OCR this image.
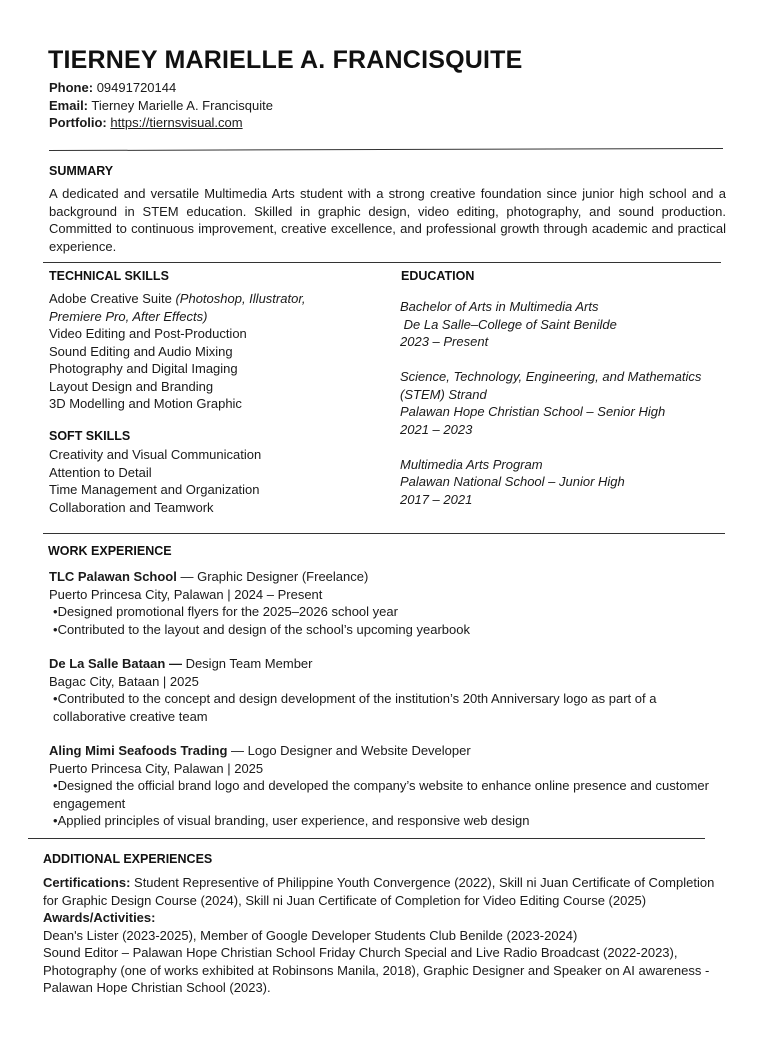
TIERNEY MARIELLE A. FRANCISQUITE
Phone: 09491720144
Email: Tierney Marielle A. Francisquite
Portfolio: https://tiernsvisual.com
SUMMARY
A dedicated and versatile Multimedia Arts student with a strong creative foundation since junior high school and a background in STEM education. Skilled in graphic design, video editing, photography, and sound production. Committed to continuous improvement, creative excellence, and professional growth through academic and practical experience.
TECHNICAL SKILLS
Adobe Creative Suite (Photoshop, Illustrator,
Premiere Pro, After Effects)
Video Editing and Post-Production
Sound Editing and Audio Mixing
Photography and Digital Imaging
Layout Design and Branding
3D Modelling and Motion Graphic
SOFT SKILLS
Creativity and Visual Communication
Attention to Detail
Time Management and Organization
Collaboration and Teamwork
EDUCATION
Bachelor of Arts in Multimedia Arts
De La Salle–College of Saint Benilde
2023 – Present
Science, Technology, Engineering, and Mathematics
(STEM) Strand
Palawan Hope Christian School – Senior High
2021 – 2023
Multimedia Arts Program
Palawan National School – Junior High
2017 – 2021
WORK EXPERIENCE
TLC Palawan School — Graphic Designer (Freelance)
Puerto Princesa City, Palawan | 2024 – Present
• Designed promotional flyers for the 2025–2026 school year
• Contributed to the layout and design of the school’s upcoming yearbook
De La Salle Bataan — Design Team Member
Bagac City, Bataan | 2025
• Contributed to the concept and design development of the institution’s 20th Anniversary logo as part of a collaborative creative team
Aling Mimi Seafoods Trading — Logo Designer and Website Developer
Puerto Princesa City, Palawan | 2025
• Designed the official brand logo and developed the company’s website to enhance online presence and customer engagement
• Applied principles of visual branding, user experience, and responsive web design
ADDITIONAL EXPERIENCES
Certifications: Student Representive of Philippine Youth Convergence (2022), Skill ni Juan Certificate of Completion for Graphic Design Course (2024), Skill ni Juan Certificate of Completion for Video Editing Course (2025)
Awards/Activities:
Dean's Lister (2023-2025), Member of Google Developer Students Club Benilde (2023-2024)
Sound Editor – Palawan Hope Christian School Friday Church Special and Live Radio Broadcast (2022-2023), Photography (one of works exhibited at Robinsons Manila, 2018), Graphic Designer and Speaker on AI awareness - Palawan Hope Christian School (2023).
